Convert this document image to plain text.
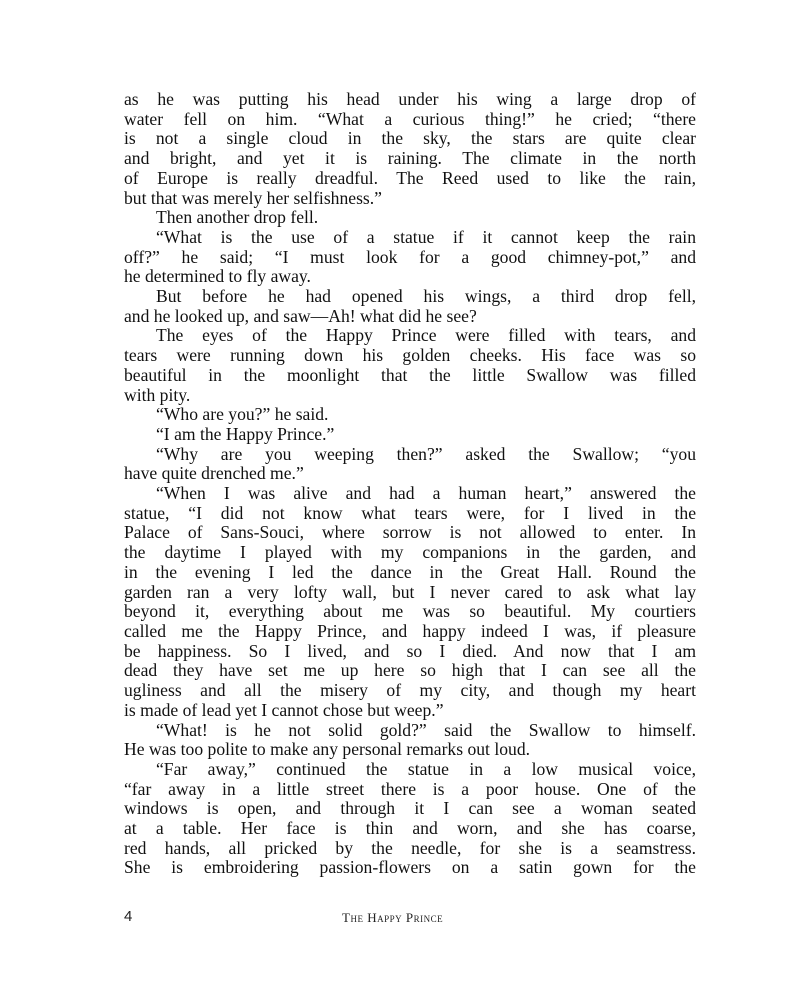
as he was putting his head under his wing a large drop of
water fell on him. “What a curious thing!” he cried; “there
is not a single cloud in the sky, the stars are quite clear
and bright, and yet it is raining. The climate in the north
of Europe is really dreadful. The Reed used to like the rain,
but that was merely her selfishness.”
Then another drop fell.
“What is the use of a statue if it cannot keep the rain
off?” he said; “I must look for a good chimney-pot,” and
he determined to fly away.
But before he had opened his wings, a third drop fell,
and he looked up, and saw—Ah! what did he see?
The eyes of the Happy Prince were filled with tears, and
tears were running down his golden cheeks. His face was so
beautiful in the moonlight that the little Swallow was filled
with pity.
“Who are you?” he said.
“I am the Happy Prince.”
“Why are you weeping then?” asked the Swallow; “you
have quite drenched me.”
“When I was alive and had a human heart,” answered the
statue, “I did not know what tears were, for I lived in the
Palace of Sans-Souci, where sorrow is not allowed to enter. In
the daytime I played with my companions in the garden, and
in the evening I led the dance in the Great Hall. Round the
garden ran a very lofty wall, but I never cared to ask what lay
beyond it, everything about me was so beautiful. My courtiers
called me the Happy Prince, and happy indeed I was, if pleasure
be happiness. So I lived, and so I died. And now that I am
dead they have set me up here so high that I can see all the
ugliness and all the misery of my city, and though my heart
is made of lead yet I cannot chose but weep.”
“What! is he not solid gold?” said the Swallow to himself.
He was too polite to make any personal remarks out loud.
“Far away,” continued the statue in a low musical voice,
“far away in a little street there is a poor house. One of the
windows is open, and through it I can see a woman seated
at a table. Her face is thin and worn, and she has coarse,
red hands, all pricked by the needle, for she is a seamstress.
She is embroidering passion-flowers on a satin gown for the
4	The Happy Prince
